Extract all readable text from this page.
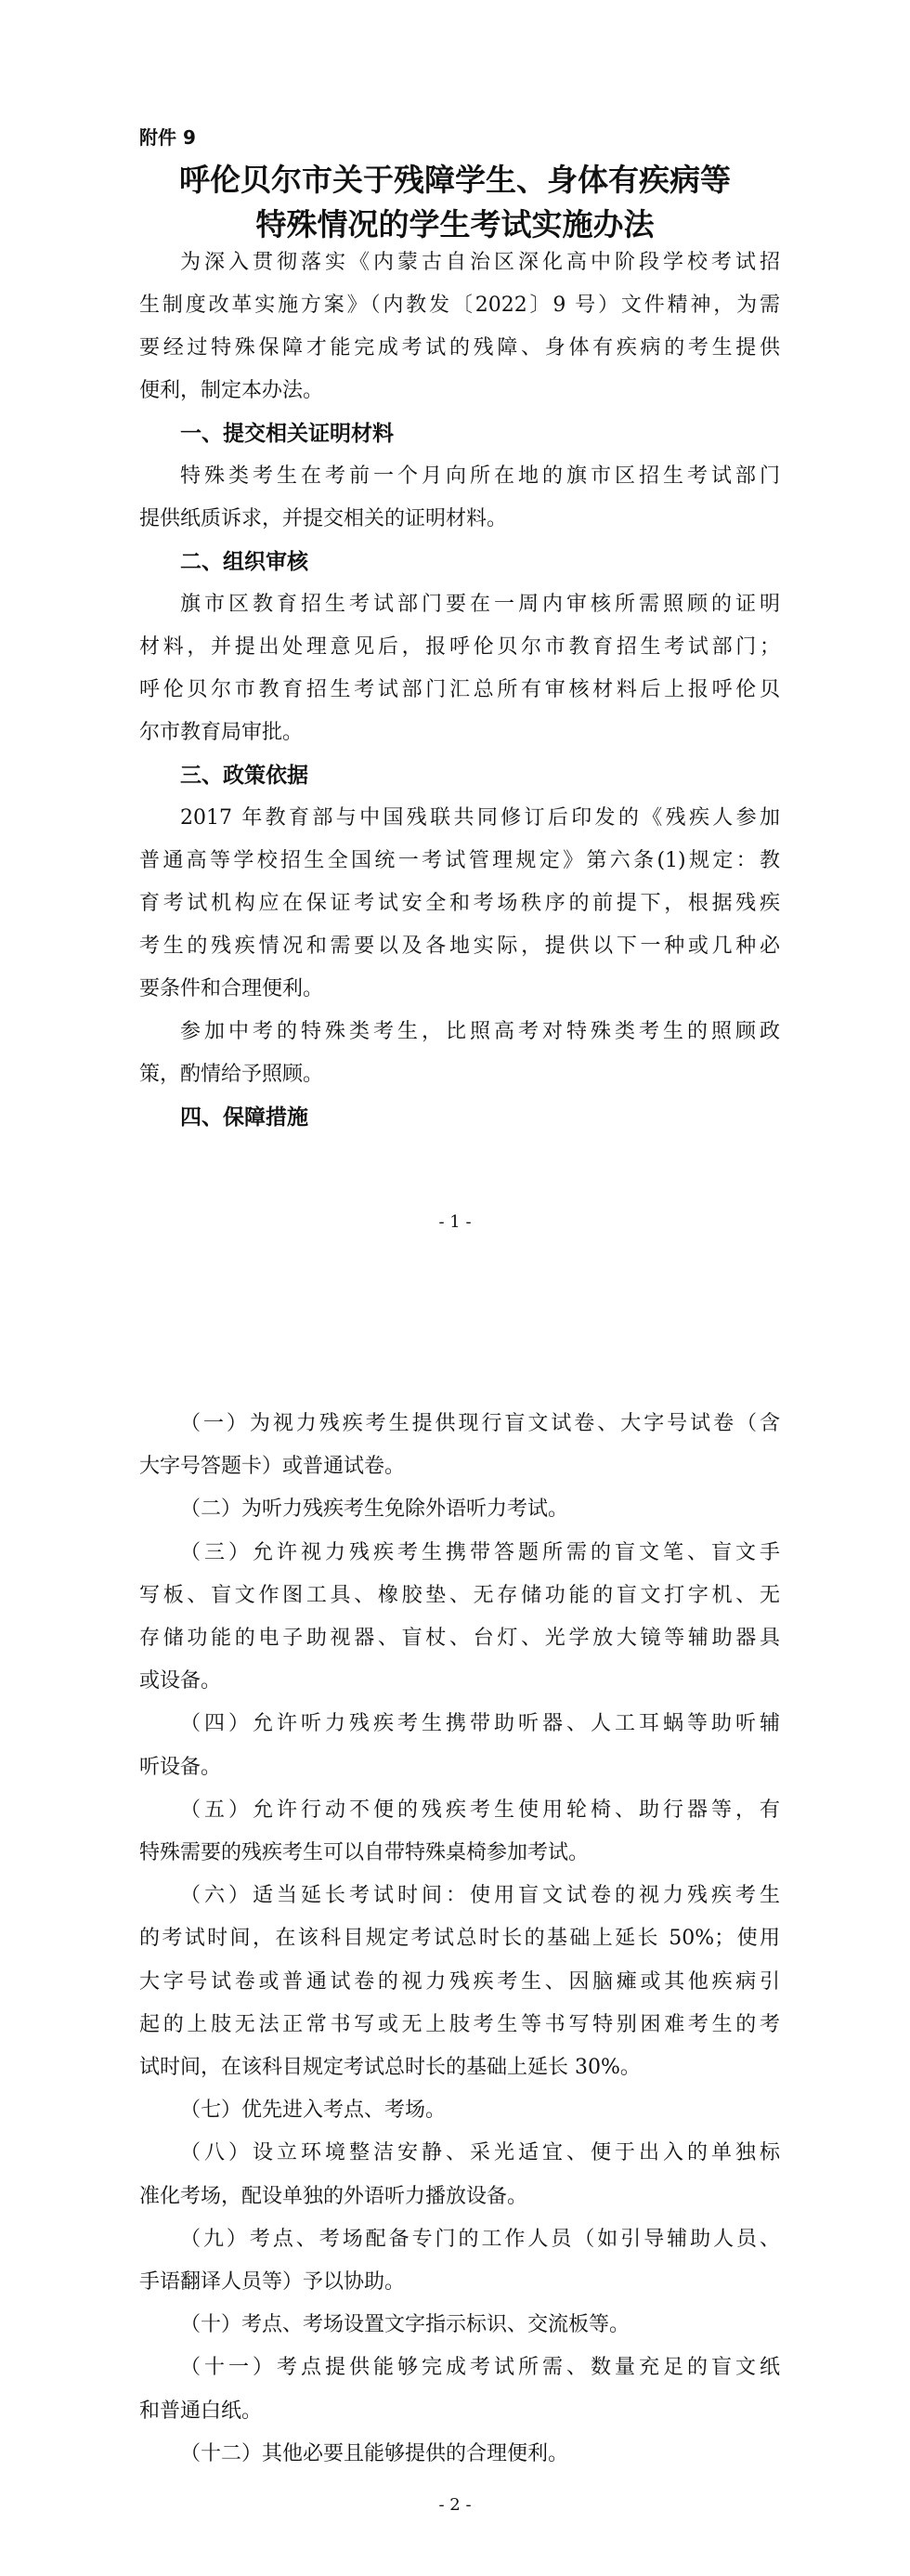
附件 9
呼伦贝尔市关于残障学生、身体有疾病等
特殊情况的学生考试实施办法
为深入贯彻落实《内蒙古自治区深化高中阶段学校考试招
生制度改革实施方案》（内教发〔2022〕9 号）文件精神，为需
要经过特殊保障才能完成考试的残障、身体有疾病的考生提供
便利，制定本办法。
一、提交相关证明材料
特殊类考生在考前一个月向所在地的旗市区招生考试部门
提供纸质诉求，并提交相关的证明材料。
二、组织审核
旗市区教育招生考试部门要在一周内审核所需照顾的证明
材料，并提出处理意见后，报呼伦贝尔市教育招生考试部门；
呼伦贝尔市教育招生考试部门汇总所有审核材料后上报呼伦贝
尔市教育局审批。
三、政策依据
2017 年教育部与中国残联共同修订后印发的《残疾人参加
普通高等学校招生全国统一考试管理规定》第六条(1)规定：教
育考试机构应在保证考试安全和考场秩序的前提下，根据残疾
考生的残疾情况和需要以及各地实际，提供以下一种或几种必
要条件和合理便利。
参加中考的特殊类考生，比照高考对特殊类考生的照顾政
策，酌情给予照顾。
四、保障措施
- 1 -
（一）为视力残疾考生提供现行盲文试卷、大字号试卷（含
大字号答题卡）或普通试卷。
（二）为听力残疾考生免除外语听力考试。
（三）允许视力残疾考生携带答题所需的盲文笔、盲文手
写板、盲文作图工具、橡胶垫、无存储功能的盲文打字机、无
存储功能的电子助视器、盲杖、台灯、光学放大镜等辅助器具
或设备。
（四）允许听力残疾考生携带助听器、人工耳蜗等助听辅
听设备。
（五）允许行动不便的残疾考生使用轮椅、助行器等，有
特殊需要的残疾考生可以自带特殊桌椅参加考试。
（六）适当延长考试时间：使用盲文试卷的视力残疾考生
的考试时间，在该科目规定考试总时长的基础上延长 50%；使用
大字号试卷或普通试卷的视力残疾考生、因脑瘫或其他疾病引
起的上肢无法正常书写或无上肢考生等书写特别困难考生的考
试时间，在该科目规定考试总时长的基础上延长 30%。
（七）优先进入考点、考场。
（八）设立环境整洁安静、采光适宜、便于出入的单独标
准化考场，配设单独的外语听力播放设备。
（九）考点、考场配备专门的工作人员（如引导辅助人员、
手语翻译人员等）予以协助。
（十）考点、考场设置文字指示标识、交流板等。
（十一）考点提供能够完成考试所需、数量充足的盲文纸
和普通白纸。
（十二）其他必要且能够提供的合理便利。
- 2 -
